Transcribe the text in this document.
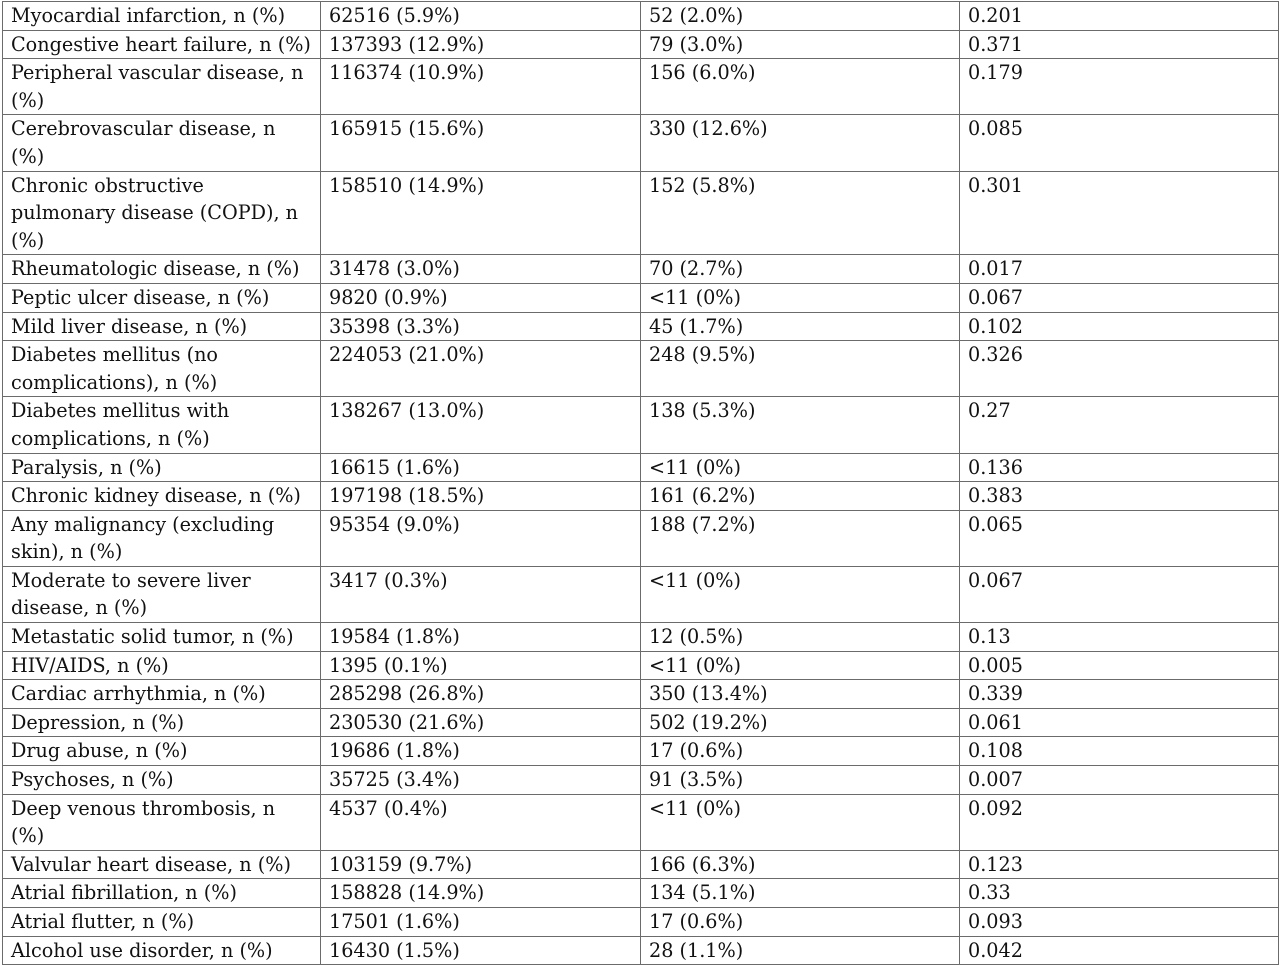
Myocardial infarction, n (%)	62516 (5.9%)	52 (2.0%)	0.201
Congestive heart failure, n (%)	137393 (12.9%)	79 (3.0%)	0.371
Peripheral vascular disease, n (%)	116374 (10.9%)	156 (6.0%)	0.179
Cerebrovascular disease, n (%)	165915 (15.6%)	330 (12.6%)	0.085
Chronic obstructive pulmonary disease (COPD), n (%)	158510 (14.9%)	152 (5.8%)	0.301
Rheumatologic disease, n (%)	31478 (3.0%)	70 (2.7%)	0.017
Peptic ulcer disease, n (%)	9820 (0.9%)	<11 (0%)	0.067
Mild liver disease, n (%)	35398 (3.3%)	45 (1.7%)	0.102
Diabetes mellitus (no complications), n (%)	224053 (21.0%)	248 (9.5%)	0.326
Diabetes mellitus with complications, n (%)	138267 (13.0%)	138 (5.3%)	0.27
Paralysis, n (%)	16615 (1.6%)	<11 (0%)	0.136
Chronic kidney disease, n (%)	197198 (18.5%)	161 (6.2%)	0.383
Any malignancy (excluding skin), n (%)	95354 (9.0%)	188 (7.2%)	0.065
Moderate to severe liver disease, n (%)	3417 (0.3%)	<11 (0%)	0.067
Metastatic solid tumor, n (%)	19584 (1.8%)	12 (0.5%)	0.13
HIV/AIDS, n (%)	1395 (0.1%)	<11 (0%)	0.005
Cardiac arrhythmia, n (%)	285298 (26.8%)	350 (13.4%)	0.339
Depression, n (%)	230530 (21.6%)	502 (19.2%)	0.061
Drug abuse, n (%)	19686 (1.8%)	17 (0.6%)	0.108
Psychoses, n (%)	35725 (3.4%)	91 (3.5%)	0.007
Deep venous thrombosis, n (%)	4537 (0.4%)	<11 (0%)	0.092
Valvular heart disease, n (%)	103159 (9.7%)	166 (6.3%)	0.123
Atrial fibrillation, n (%)	158828 (14.9%)	134 (5.1%)	0.33
Atrial flutter, n (%)	17501 (1.6%)	17 (0.6%)	0.093
Alcohol use disorder, n (%)	16430 (1.5%)	28 (1.1%)	0.042
